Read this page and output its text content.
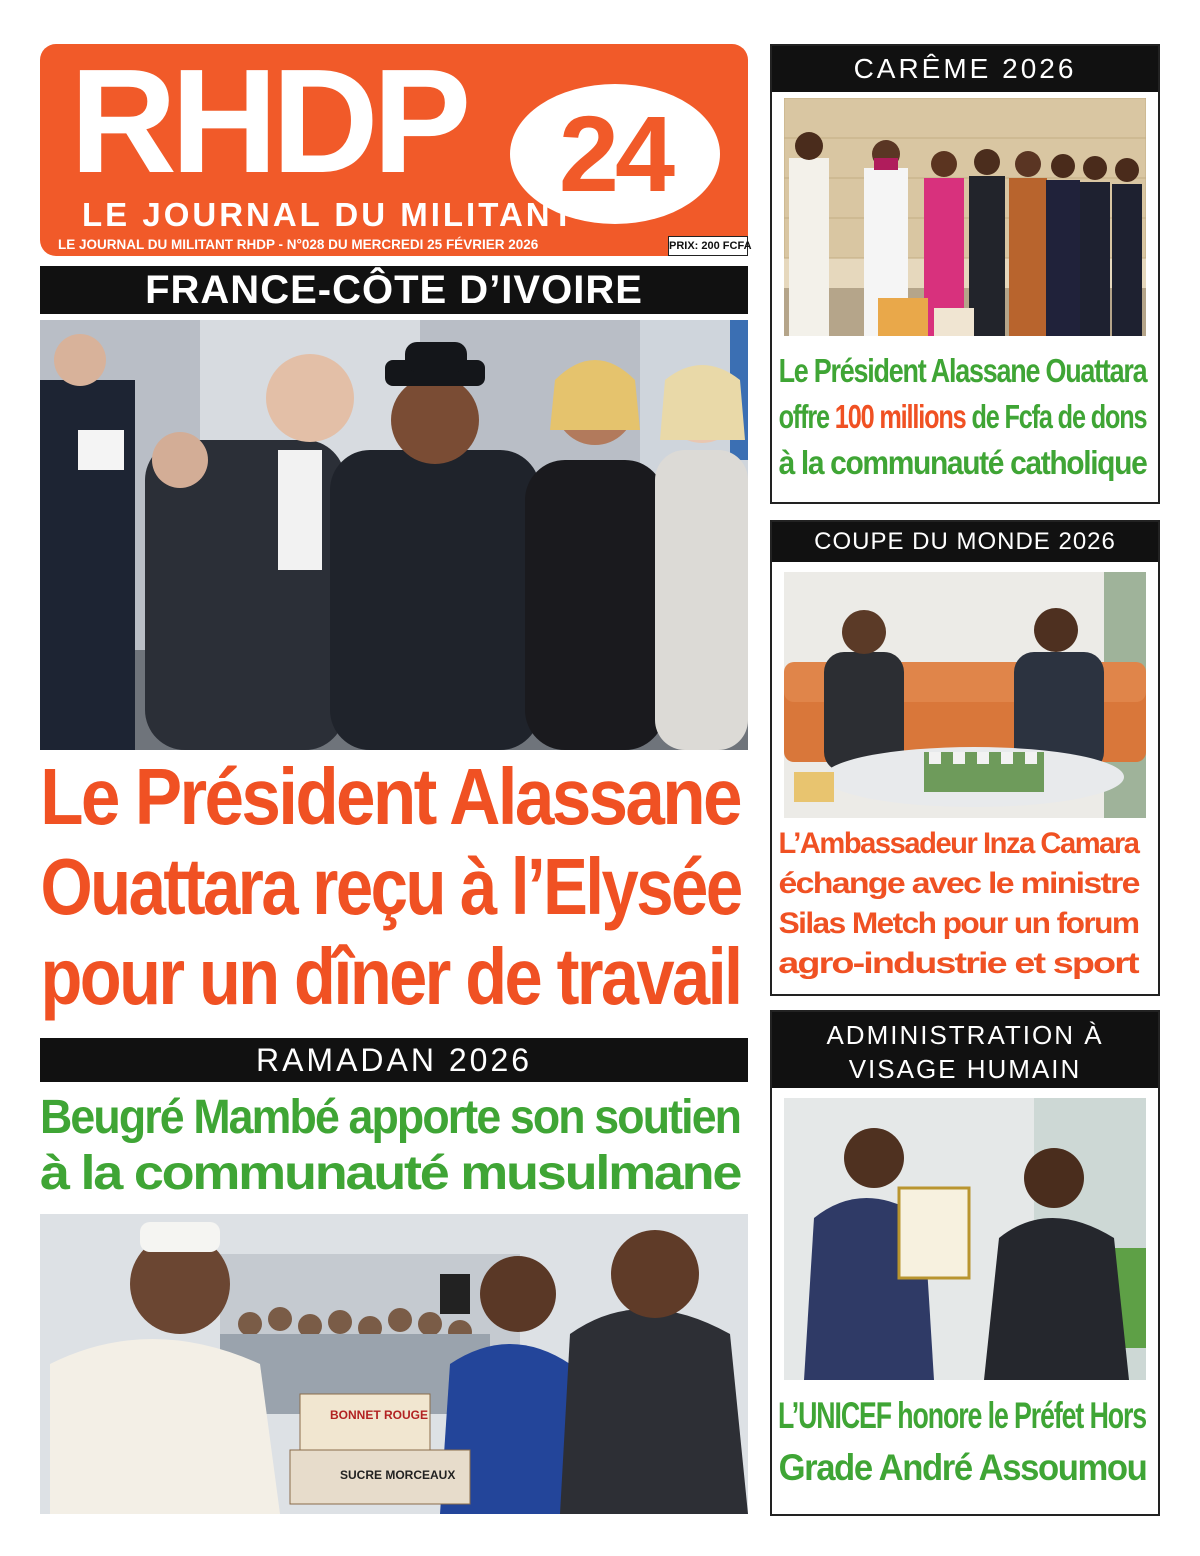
RHDP 24
LE JOURNAL DU MILITANT
LE JOURNAL DU MILITANT RHDP - N°028 DU MERCREDI 25 FÉVRIER 2026	PRIX: 200 FCFA
FRANCE-CÔTE D’IVOIRE
Le Président Alassane
Ouattara reçu à l’Elysée
pour un dîner de travail
RAMADAN 2026
Beugré Mambé apporte son soutien
à la communauté musulmane
BONNET ROUGE
SUCRE MORCEAUX
CARÊME 2026
Le Président Alassane Ouattara
offre 100 millions de Fcfa de dons
à la communauté catholique
COUPE DU MONDE 2026
L’Ambassadeur Inza Camara
échange avec le ministre
Silas Metch pour un forum
agro-industrie et sport
ADMINISTRATION À VISAGE HUMAIN
L’UNICEF honore le Préfet Hors
Grade André Assoumou
